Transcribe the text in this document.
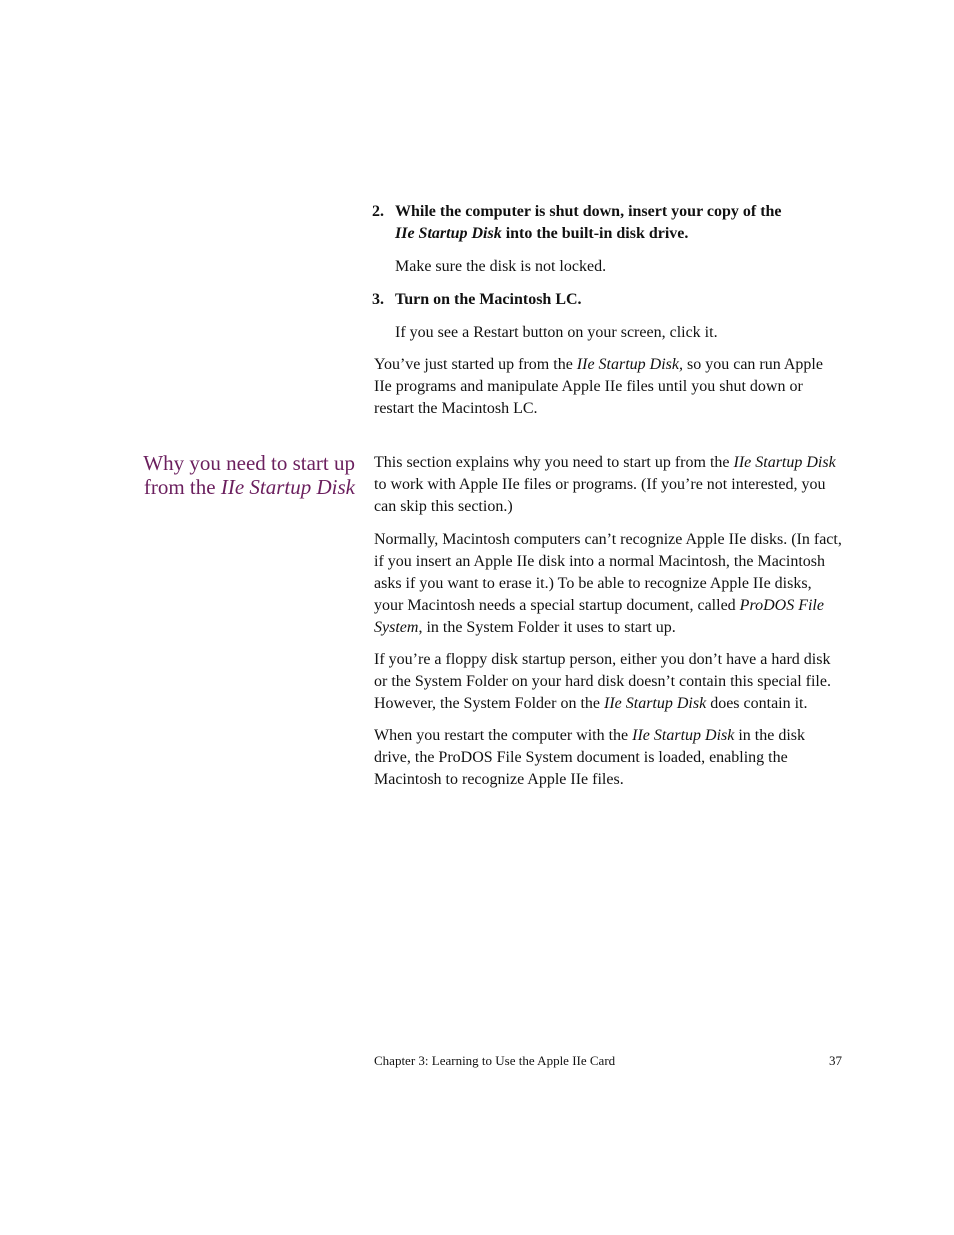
2. While the computer is shut down, insert your copy of the
IIe Startup Disk into the built-in disk drive.
Make sure the disk is not locked.
3. Turn on the Macintosh LC.
If you see a Restart button on your screen, click it.

You’ve just started up from the IIe Startup Disk, so you can run Apple IIe programs and manipulate Apple IIe files until you shut down or restart the Macintosh LC.

Why you need to start up
from the IIe Startup Disk

This section explains why you need to start up from the IIe Startup Disk to work with Apple IIe files or programs. (If you’re not interested, you can skip this section.)

Normally, Macintosh computers can’t recognize Apple IIe disks. (In fact, if you insert an Apple IIe disk into a normal Macintosh, the Macintosh asks if you want to erase it.) To be able to recognize Apple IIe disks, your Macintosh needs a special startup document, called ProDOS File System, in the System Folder it uses to start up.

If you’re a floppy disk startup person, either you don’t have a hard disk or the System Folder on your hard disk doesn’t contain this special file. However, the System Folder on the IIe Startup Disk does contain it.

When you restart the computer with the IIe Startup Disk in the disk drive, the ProDOS File System document is loaded, enabling the Macintosh to recognize Apple IIe files.

Chapter 3: Learning to Use the Apple IIe Card	37
